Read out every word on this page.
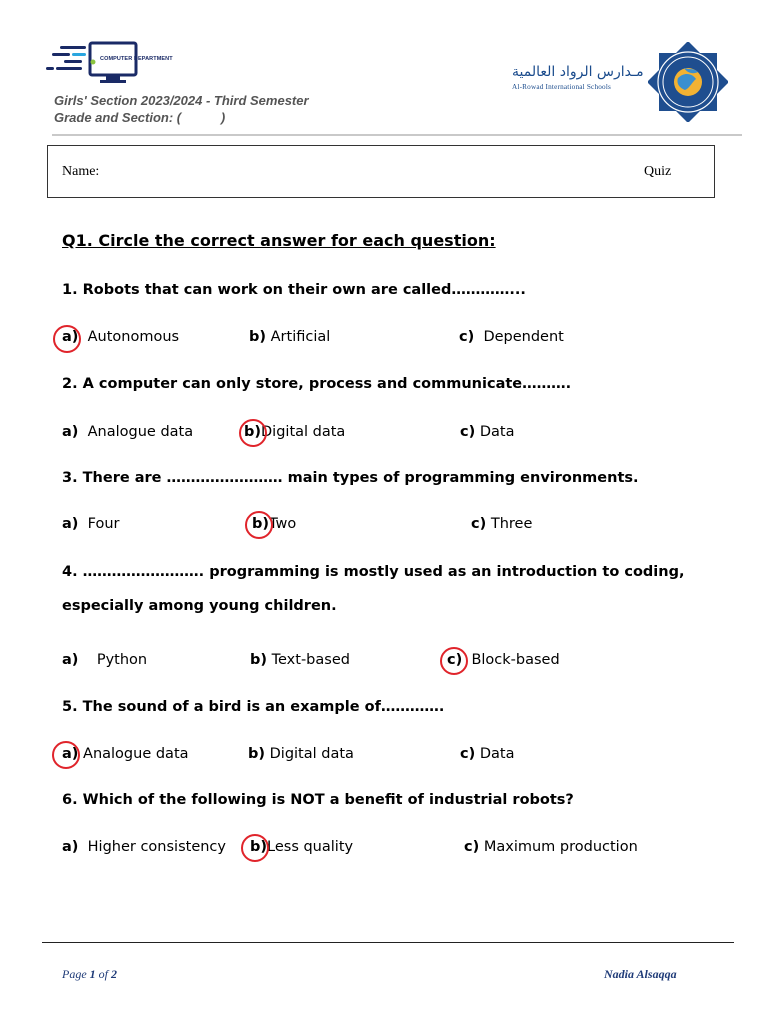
COMPUTER DEPARTMENT
Girls' Section 2023/2024 - Third Semester
Grade and Section: (           )
مـدارس الرواد العالمية
Al-Rowad International Schools
Name:	Quiz
Q1. Circle the correct answer for each question:
1. Robots that can work on their own are called…………...
a) Autonomous	b) Artificial	c) Dependent
2. A computer can only store, process and communicate……….
a) Analogue data	b)Digital data	c) Data
3. There are …………………… main types of programming environments.
a) Four	b)Two	c) Three
4. ……………………. programming is mostly used as an introduction to coding,
especially among young children.
a) Python	b) Text-based	c) Block-based
5. The sound of a bird is an example of………….
a) Analogue data	b) Digital data	c) Data
6. Which of the following is NOT a benefit of industrial robots?
a) Higher consistency b)Less quality	c) Maximum production
Page 1 of 2	Nadia Alsaqqa
